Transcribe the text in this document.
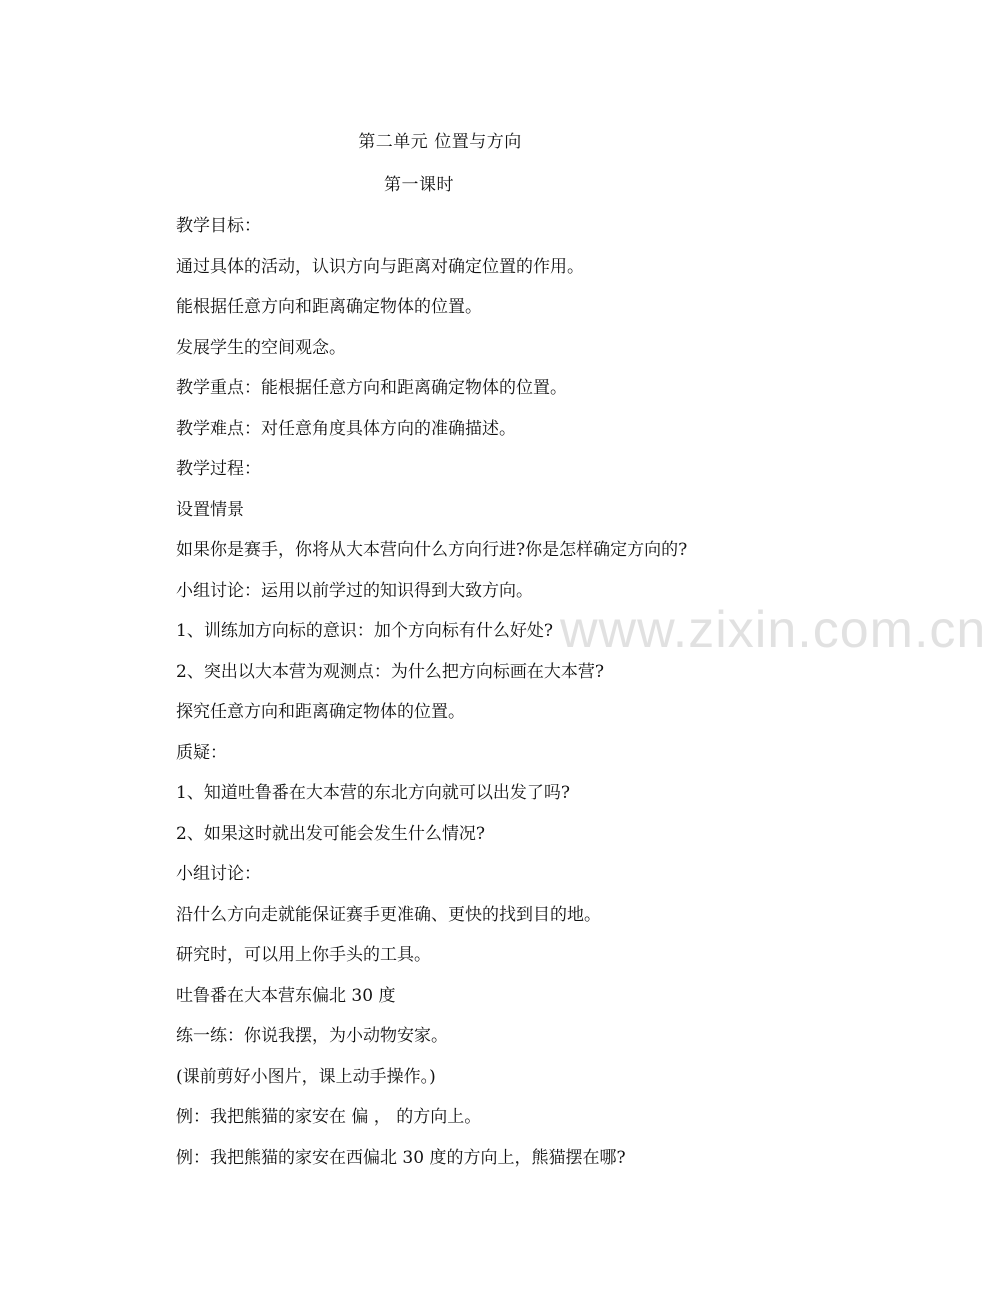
第二单元 位置与方向
第一课时
教学目标：
通过具体的活动，认识方向与距离对确定位置的作用。
能根据任意方向和距离确定物体的位置。
发展学生的空间观念。
教学重点：能根据任意方向和距离确定物体的位置。
教学难点：对任意角度具体方向的准确描述。
教学过程：
设置情景
如果你是赛手，你将从大本营向什么方向行进?你是怎样确定方向的?
小组讨论：运用以前学过的知识得到大致方向。
1、训练加方向标的意识：加个方向标有什么好处?
2、突出以大本营为观测点：为什么把方向标画在大本营?
探究任意方向和距离确定物体的位置。
质疑：
1、知道吐鲁番在大本营的东北方向就可以出发了吗?
2、如果这时就出发可能会发生什么情况?
小组讨论：
沿什么方向走就能保证赛手更准确、更快的找到目的地。
研究时，可以用上你手头的工具。
吐鲁番在大本营东偏北 30 度
练一练：你说我摆，为小动物安家。
(课前剪好小图片，课上动手操作。)
例：我把熊猫的家安在 偏 ， 的方向上。
例：我把熊猫的家安在西偏北 30 度的方向上，熊猫摆在哪?
www.zixin.com.cn
